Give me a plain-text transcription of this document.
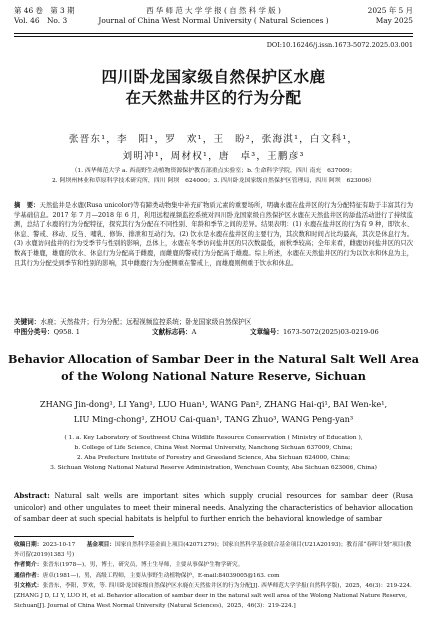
第 46 卷　第 3 期
Vol. 46　No. 3
西 华 师 范 大 学 学 报 ( 自 然 科 学 版 )
Journal of China West Normal University ( Natural Sciences )
2025 年 5 月
May 2025
DOI:10.16246/j.issn.1673-5072.2025.03.001
四川卧龙国家级自然保护区水鹿
在天然盐井区的行为分配
张晋东¹，李　阳¹，罗　欢¹，王　盼²，张海淇¹，白文科¹，
刘明冲¹，周材权¹，唐　卓³，王鹏彦³
（1. 西华师范大学 a. 西南野生动植物资源保护教育部重点实验室；b. 生命科学学院，四川 南充　637009；
2. 阿坝州林业和草原科学技术研究所，四川 阿坝　624000；3. 四川卧龙国家级自然保护区管理局，四川 阿坝　623006）
摘　要：天然盐井是水鹿(Rusa unicolor)等有蹄类动物集中补充矿物质元素的重要场所，明确水鹿在盐井区的行为分配特征有助于丰富其行为学基础信息。2017 年 7 月—2018 年 6 月，利用远程视频监控系统对四川卧龙国家级自然保护区水鹿在天然盐井区的舔盐活动进行了持续监测，总结了水鹿的行为分配特征，探究其行为分配在不同性别、年龄和季节之间的差异。结果表明：(1) 水鹿在盐井区的行为有 9 种，即饮水、休息、警戒、移动、反刍、哺乳、修饰、排泄和互动行为。(2) 饮水是水鹿在盐井区的主要行为，其次数和时间占比均最高，其次是休息行为。(3) 水鹿访问盐井的行为受季节与性别的影响，总体上，水鹿在冬季访问盐井区的只次数最低，雨秋季较高；全年来看，雌鹿访问盐井区的只次数高于雄鹿，雄鹿的饮水、休息行为分配高于雌鹿，而雌鹿的警戒行为分配高于雄鹿。综上所述，水鹿在天然盐井区的行为以饮水和休息为主，且其行为分配受到季节和性别的影响，其中雌鹿行为分配侧重在警戒上，而雄鹿则侧重于饮水和休息。
关键词：水鹿；天然盐井；行为分配；远程视频监控系统；卧龙国家级自然保护区
中图分类号：Q958. 1	文献标志码：A	文章编号：1673-5072(2025)03-0219-06
Behavior Allocation of Sambar Deer in the Natural Salt Well Area
of the Wolong National Nature Reserve, Sichuan
ZHANG Jin-dong¹, LI Yang¹, LUO Huan¹, WANG Pan², ZHANG Hai-qi¹, BAI Wen-ke¹,
LIU Ming-chong¹, ZHOU Cai-quan¹, TANG Zhuo³, WANG Peng-yan³
( 1. a. Key Laboratory of Southwest China Wildlife Resource Conservation ( Ministry of Education ),
b. College of Life Science, China West Normal University, Nanchong Sichuan 637009, China;
2. Aba Prefecture Institute of Forestry and Grassland Science, Aba Sichuan 624000, China;
3. Sichuan Wolong National Natural Reserve Administration, Wenchuan County, Aba Sichuan 623006, China)
Abstract: Natural salt wells are important sites which supply crucial resources for sambar deer (Rusa unicolor) and other ungulates to meet their mineral needs. Analyzing the characteristics of behavior allocation of sambar deer at such special habitats is helpful to further enrich the behavioral knowledge of sambar
收稿日期：2023-10-17　　基金项目：国家自然科学基金面上项目(42071279)；国家自然科学基金联合基金项目(U21A20193)；教育部“春晖计划”项目(教外司留(2019)1383 号)
作者简介：张晋东(1978—)，男，博士，研究员，博士生导师，主要从事保护生物学研究。
通信作者：唐卓(1981—)，男，高级工程师，主要从事野生动植物保护，E-mail:84039005@163. com
引文格式：张晋东，李阳，罗欢，等. 四川卧龙国家级自然保护区水鹿在天然盐井区的行为分配[J]. 西华师范大学学报(自然科学版)，2025，46(3)：219-224. [ZHANG J D, LI Y, LUO H, et al. Behavior allocation of sambar deer in the natural salt well area of the Wolong National Nature Reserve, Sichuan[J]. Journal of China West Normal University (Natural Sciences)，2025，46(3)：219-224.]
